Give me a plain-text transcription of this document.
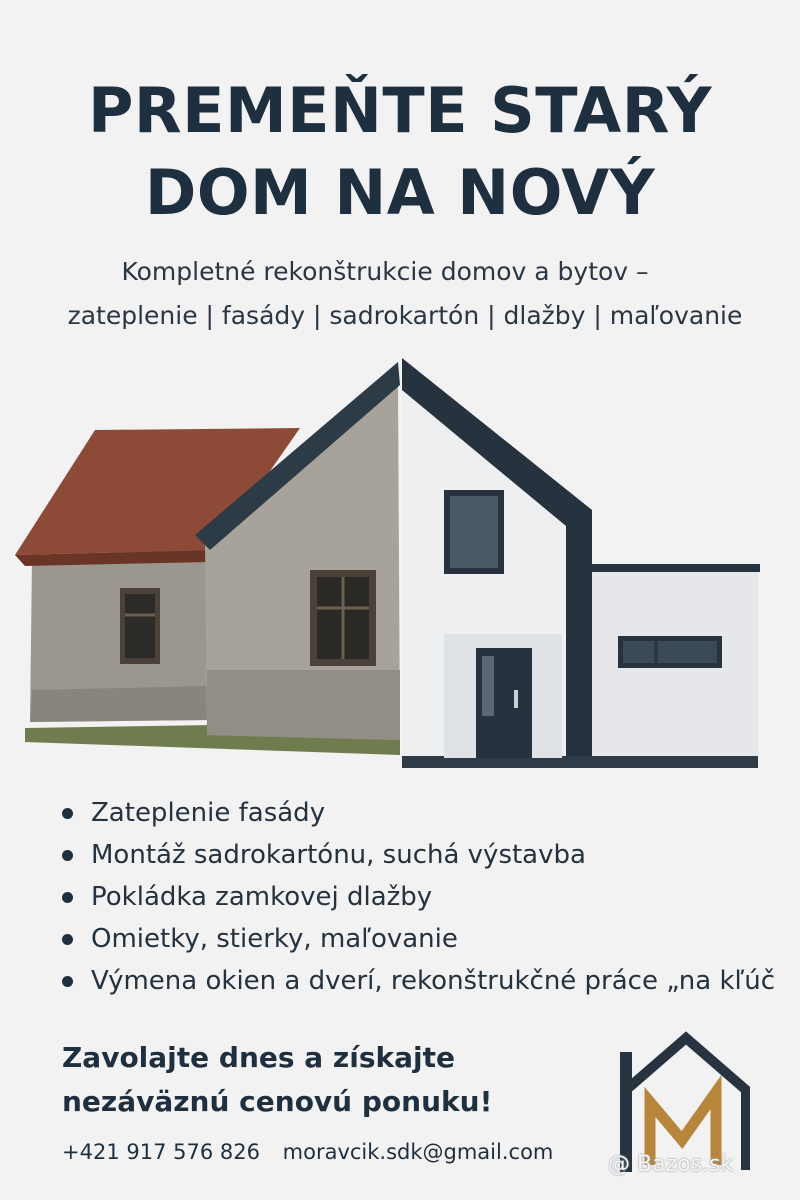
PREMEŇTE STARÝ
DOM NA NOVÝ
Kompletné rekonštrukcie domov a bytov –
zateplenie | fasády | sadrokartón | dlažby | maľovanie
Zateplenie fasády
Montáž sadrokartónu, suchá výstavba
Pokládka zamkovej dlažby
Omietky, stierky, maľovanie
Výmena okien a dverí, rekonštrukčné práce „na kľúč
Zavolajte dnes a získajte
nezáväznú cenovú ponuku!
+421 917 576 826 moravcik.sdk@gmail.com @ Bazos.sk
